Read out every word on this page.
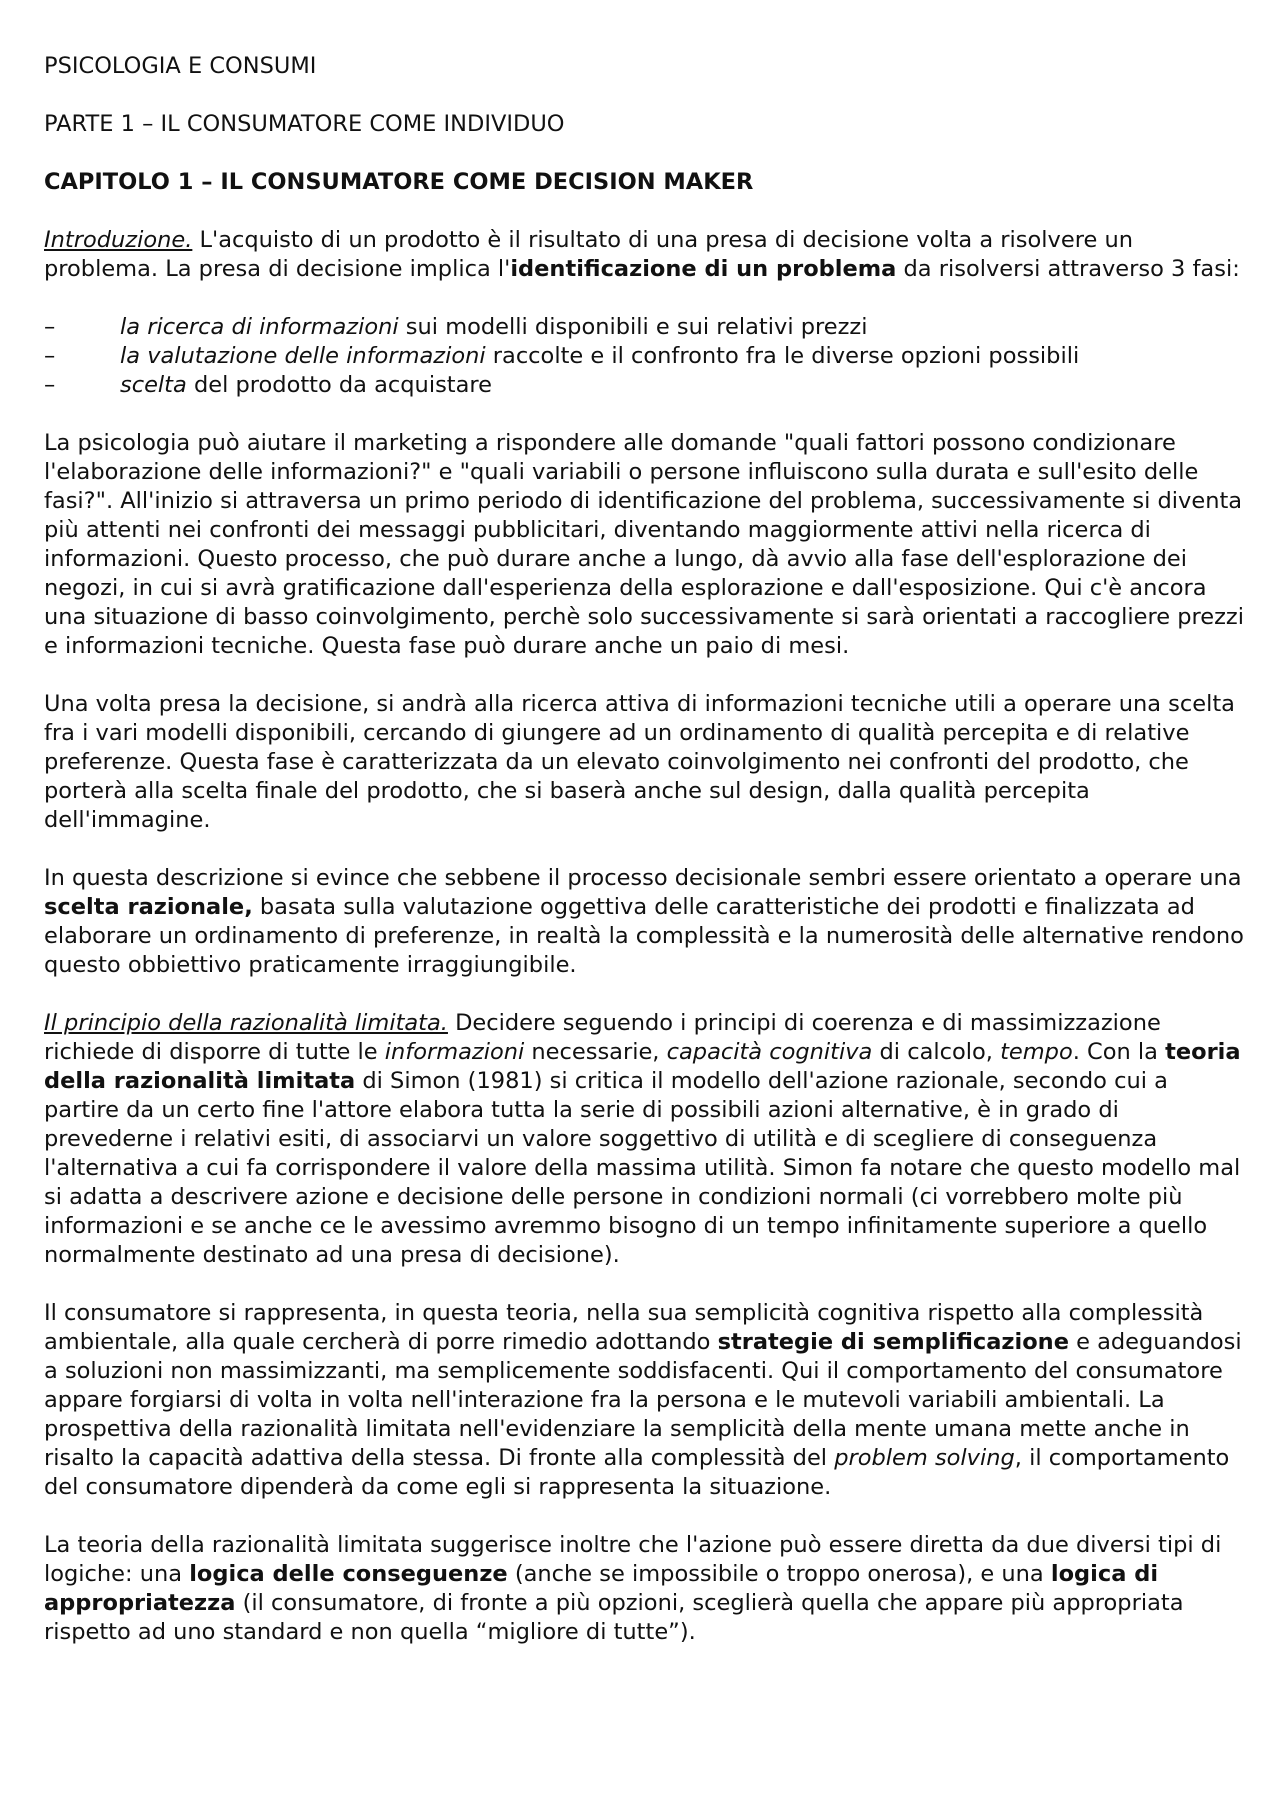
PSICOLOGIA E CONSUMI

PARTE 1 – IL CONSUMATORE COME INDIVIDUO

CAPITOLO 1 – IL CONSUMATORE COME DECISION MAKER

Introduzione. L'acquisto di un prodotto è il risultato di una presa di decisione volta a risolvere un problema. La presa di decisione implica l'identificazione di un problema da risolversi attraverso 3 fasi:

–	la ricerca di informazioni sui modelli disponibili e sui relativi prezzi
–	la valutazione delle informazioni raccolte e il confronto fra le diverse opzioni possibili
–	scelta del prodotto da acquistare

La psicologia può aiutare il marketing a rispondere alle domande "quali fattori possono condizionare l'elaborazione delle informazioni?" e "quali variabili o persone influiscono sulla durata e sull'esito delle fasi?". All'inizio si attraversa un primo periodo di identificazione del problema, successivamente si diventa più attenti nei confronti dei messaggi pubblicitari, diventando maggiormente attivi nella ricerca di informazioni. Questo processo, che può durare anche a lungo, dà avvio alla fase dell'esplorazione dei negozi, in cui si avrà gratificazione dall'esperienza della esplorazione e dall'esposizione. Qui c'è ancora una situazione di basso coinvolgimento, perchè solo successivamente si sarà orientati a raccogliere prezzi e informazioni tecniche. Questa fase può durare anche un paio di mesi.

Una volta presa la decisione, si andrà alla ricerca attiva di informazioni tecniche utili a operare una scelta fra i vari modelli disponibili, cercando di giungere ad un ordinamento di qualità percepita e di relative preferenze. Questa fase è caratterizzata da un elevato coinvolgimento nei confronti del prodotto, che porterà alla scelta finale del prodotto, che si baserà anche sul design, dalla qualità percepita dell'immagine.

In questa descrizione si evince che sebbene il processo decisionale sembri essere orientato a operare una scelta razionale, basata sulla valutazione oggettiva delle caratteristiche dei prodotti e finalizzata ad elaborare un ordinamento di preferenze, in realtà la complessità e la numerosità delle alternative rendono questo obbiettivo praticamente irraggiungibile.

Il principio della razionalità limitata. Decidere seguendo i principi di coerenza e di massimizzazione richiede di disporre di tutte le informazioni necessarie, capacità cognitiva di calcolo, tempo. Con la teoria della razionalità limitata di Simon (1981) si critica il modello dell'azione razionale, secondo cui a partire da un certo fine l'attore elabora tutta la serie di possibili azioni alternative, è in grado di prevederne i relativi esiti, di associarvi un valore soggettivo di utilità e di scegliere di conseguenza l'alternativa a cui fa corrispondere il valore della massima utilità. Simon fa notare che questo modello mal si adatta a descrivere azione e decisione delle persone in condizioni normali (ci vorrebbero molte più informazioni e se anche ce le avessimo avremmo bisogno di un tempo infinitamente superiore a quello normalmente destinato ad una presa di decisione).

Il consumatore si rappresenta, in questa teoria, nella sua semplicità cognitiva rispetto alla complessità ambientale, alla quale cercherà di porre rimedio adottando strategie di semplificazione e adeguandosi a soluzioni non massimizzanti, ma semplicemente soddisfacenti. Qui il comportamento del consumatore appare forgiarsi di volta in volta nell'interazione fra la persona e le mutevoli variabili ambientali. La prospettiva della razionalità limitata nell'evidenziare la semplicità della mente umana mette anche in risalto la capacità adattiva della stessa. Di fronte alla complessità del problem solving, il comportamento del consumatore dipenderà da come egli si rappresenta la situazione.

La teoria della razionalità limitata suggerisce inoltre che l'azione può essere diretta da due diversi tipi di logiche: una logica delle conseguenze (anche se impossibile o troppo onerosa), e una logica di appropriatezza (il consumatore, di fronte a più opzioni, sceglierà quella che appare più appropriata rispetto ad uno standard e non quella “migliore di tutte”).
